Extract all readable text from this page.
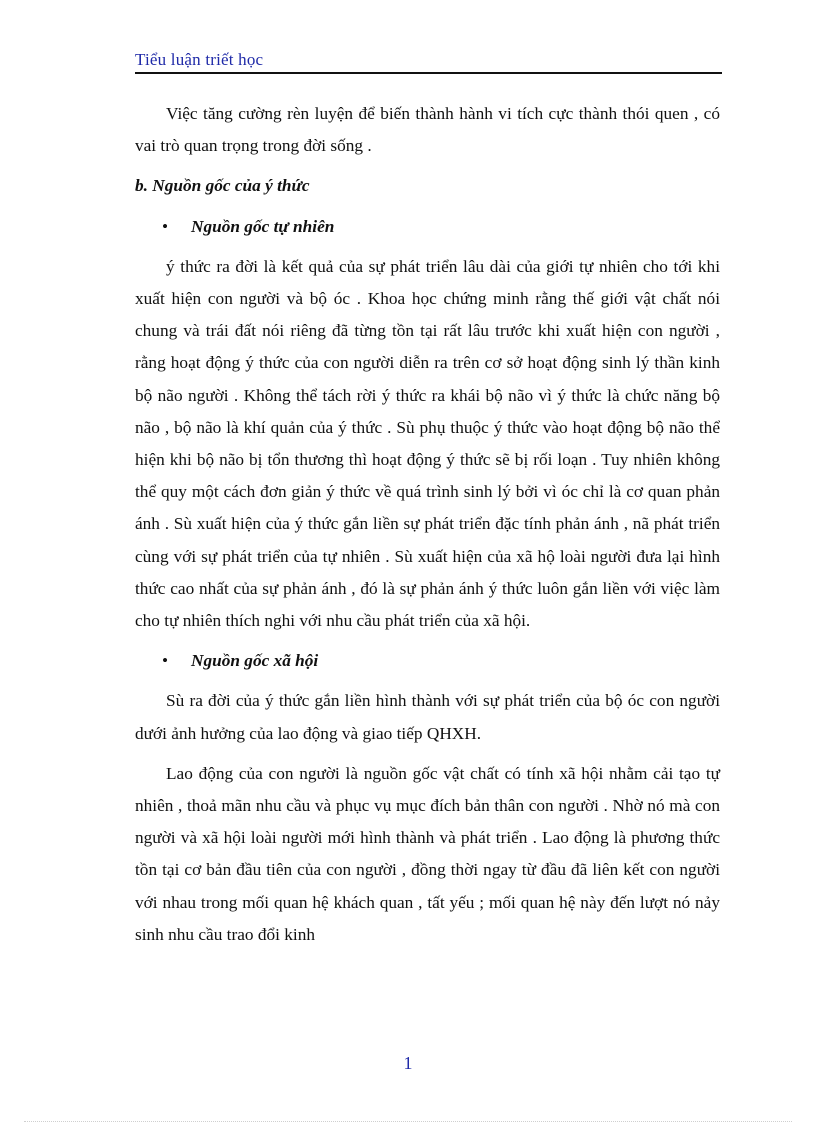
Tiểu luận triết học

Việc tăng cường rèn luyện để biến thành hành vi tích cực thành thói quen , có vai trò quan trọng trong đời sống .

b. Nguồn gốc của ý thức

• Nguồn gốc tự nhiên

ý thức ra đời là kết quả của sự phát triển lâu dài của giới tự nhiên cho tới khi xuất hiện con người và bộ óc . Khoa học chứng minh rằng thế giới vật chất nói chung và trái đất nói riêng đã từng tồn tại rất lâu trước khi xuất hiện con người , rằng hoạt động ý thức của con người diễn ra trên cơ sở hoạt động sinh lý thần kinh bộ não người . Không thể tách rời ý thức ra khái bộ não vì ý thức là chức năng bộ não , bộ não là khí quản của ý thức . Sù phụ thuộc ý thức vào hoạt động bộ não thể hiện khi bộ não bị tổn thương thì hoạt động ý thức sẽ bị rối loạn . Tuy nhiên không thể quy một cách đơn giản ý thức về quá trình sinh lý bởi vì óc chỉ là cơ quan phản ánh . Sù xuất hiện của ý thức gắn liền sự phát triển đặc tính phản ánh , nã phát triển cùng với sự phát triển của tự nhiên . Sù xuất hiện của xã hộ loài người đưa lại hình thức cao nhất của sự phản ánh , đó là sự phản ánh ý thức luôn gắn liền với việc làm cho tự nhiên thích nghi với nhu cầu phát triển của xã hội.

• Nguồn gốc xã hội

Sù ra đời của ý thức gắn liền hình thành với sự phát triển của bộ óc con người dưới ảnh hưởng của lao động và giao tiếp QHXH.

Lao động của con người là nguồn gốc vật chất có tính xã hội nhằm cải tạo tự nhiên , thoả mãn nhu cầu và phục vụ mục đích bản thân con người . Nhờ nó mà con người và xã hội loài người mới hình thành và phát triển . Lao động là phương thức tồn tại cơ bản đầu tiên của con người , đồng thời ngay từ đầu đã liên kết con người với nhau trong mối quan hệ khách quan , tất yếu ; mối quan hệ này đến lượt nó nảy sinh nhu cầu trao đổi kinh

1
